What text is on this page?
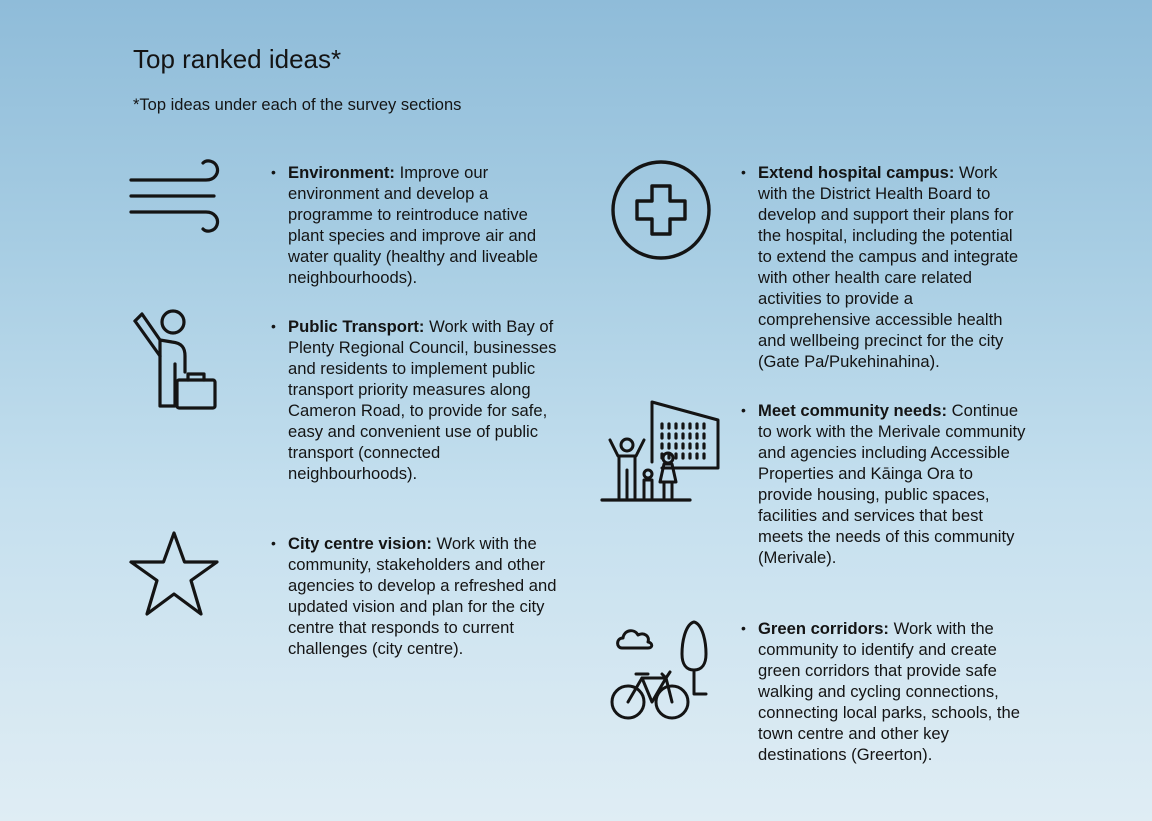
Top ranked ideas*

*Top ideas under each of the survey sections

• Environment: Improve our environment and develop a programme to reintroduce native plant species and improve air and water quality (healthy and liveable neighbourhoods).

• Public Transport: Work with Bay of Plenty Regional Council, businesses and residents to implement public transport priority measures along Cameron Road, to provide for safe, easy and convenient use of public transport (connected neighbourhoods).

• City centre vision: Work with the community, stakeholders and other agencies to develop a refreshed and updated vision and plan for the city centre that responds to current challenges (city centre).

• Extend hospital campus: Work with the District Health Board to develop and support their plans for the hospital, including the potential to extend the campus and integrate with other health care related activities to provide a comprehensive accessible health and wellbeing precinct for the city (Gate Pa/Pukehinahina).

• Meet community needs: Continue to work with the Merivale community and agencies including Accessible Properties and Kāinga Ora to provide housing, public spaces, facilities and services that best meets the needs of this community (Merivale).

• Green corridors: Work with the community to identify and create green corridors that provide safe walking and cycling connections, connecting local parks, schools, the town centre and other key destinations (Greerton).
